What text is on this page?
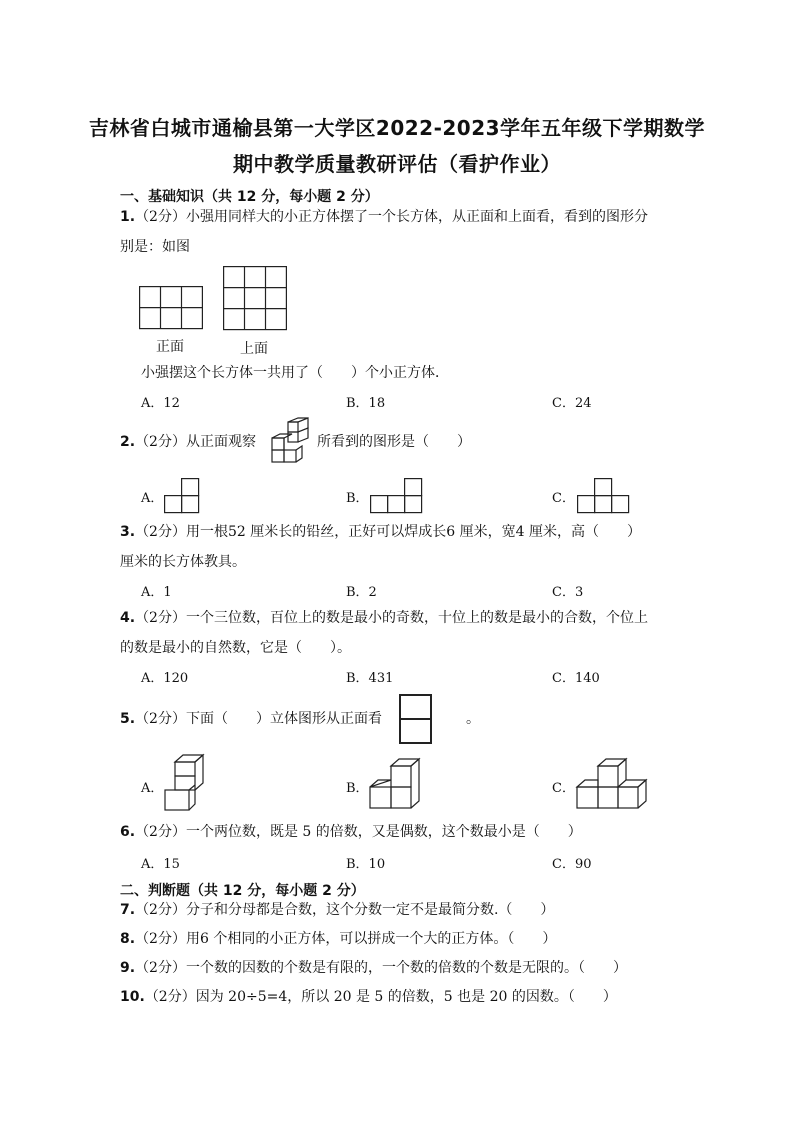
吉林省白城市通榆县第一大学区2022-2023学年五年级下学期数学
期中教学质量教研评估（看护作业）
一、基础知识（共 12 分，每小题 2 分）
1.（2分）小强用同样大的小正方体摆了一个长方体，从正面和上面看，看到的图形分
别是：如图
正面	上面
小强摆这个长方体一共用了（　　）个小正方体．
A．12	B．18	C．24
2.（2分）从正面观察	所看到的图形是（　　）
A．	B．	C．
3.（2分）用一根52 厘米长的铅丝，正好可以焊成长6 厘米，宽4 厘米，高（　　）
厘米的长方体教具。
A．1	B．2	C．3
4.（2分）一个三位数，百位上的数是最小的奇数，十位上的数是最小的合数，个位上
的数是最小的自然数，它是（　　）。
A．120	B．431	C．140
5.（2分）下面（　　）立体图形从正面看	。
A．	B．	C．
6.（2分）一个两位数，既是 5 的倍数，又是偶数，这个数最小是（　　）
A．15	B．10	C．90
二、判断题（共 12 分，每小题 2 分）
7.（2分）分子和分母都是合数，这个分数一定不是最简分数.（　　）
8.（2分）用6 个相同的小正方体，可以拼成一个大的正方体。（　　）
9.（2分）一个数的因数的个数是有限的，一个数的倍数的个数是无限的。（　　）
10.（2分）因为 20÷5=4，所以 20 是 5 的倍数，5 也是 20 的因数。（　　）
